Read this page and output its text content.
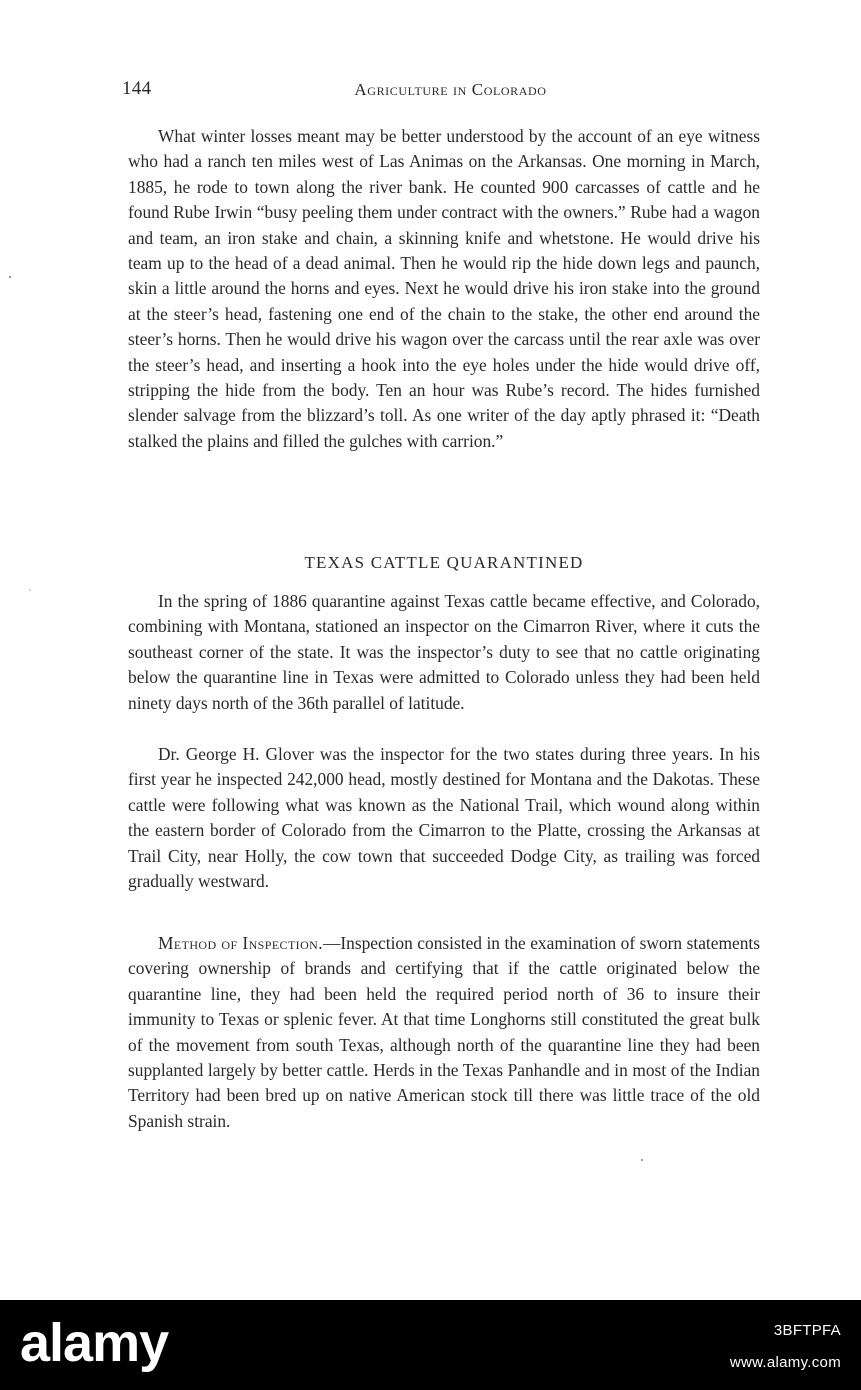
144	Agriculture in Colorado

What winter losses meant may be better understood by the account of an eye witness who had a ranch ten miles west of Las Animas on the Arkansas. One morning in March, 1885, he rode to town along the river bank. He counted 900 carcasses of cattle and he found Rube Irwin “busy peeling them under contract with the owners.” Rube had a wagon and team, an iron stake and chain, a skinning knife and whetstone. He would drive his team up to the head of a dead animal. Then he would rip the hide down legs and paunch, skin a little around the horns and eyes. Next he would drive his iron stake into the ground at the steer’s head, fastening one end of the chain to the stake, the other end around the steer’s horns. Then he would drive his wagon over the carcass until the rear axle was over the steer’s head, and inserting a hook into the eye holes under the hide would drive off, stripping the hide from the body. Ten an hour was Rube’s record. The hides furnished slender salvage from the blizzard’s toll. As one writer of the day aptly phrased it: “Death stalked the plains and filled the gulches with carrion.”

TEXAS CATTLE QUARANTINED

In the spring of 1886 quarantine against Texas cattle became effective, and Colorado, combining with Montana, stationed an inspector on the Cimarron River, where it cuts the southeast corner of the state. It was the inspector’s duty to see that no cattle originating below the quarantine line in Texas were admitted to Colorado unless they had been held ninety days north of the 36th parallel of latitude.

Dr. George H. Glover was the inspector for the two states during three years. In his first year he inspected 242,000 head, mostly destined for Montana and the Dakotas. These cattle were following what was known as the National Trail, which wound along within the eastern border of Colorado from the Cimarron to the Platte, crossing the Arkansas at Trail City, near Holly, the cow town that succeeded Dodge City, as trailing was forced gradually westward.

Method of Inspection.—Inspection consisted in the examination of sworn statements covering ownership of brands and certifying that if the cattle originated below the quarantine line, they had been held the required period north of 36 to insure their immunity to Texas or splenic fever. At that time Longhorns still constituted the great bulk of the movement from south Texas, although north of the quarantine line they had been supplanted largely by better cattle. Herds in the Texas Panhandle and in most of the Indian Territory had been bred up on native American stock till there was little trace of the old Spanish strain.

alamy	3BFTPFA
www.alamy.com
